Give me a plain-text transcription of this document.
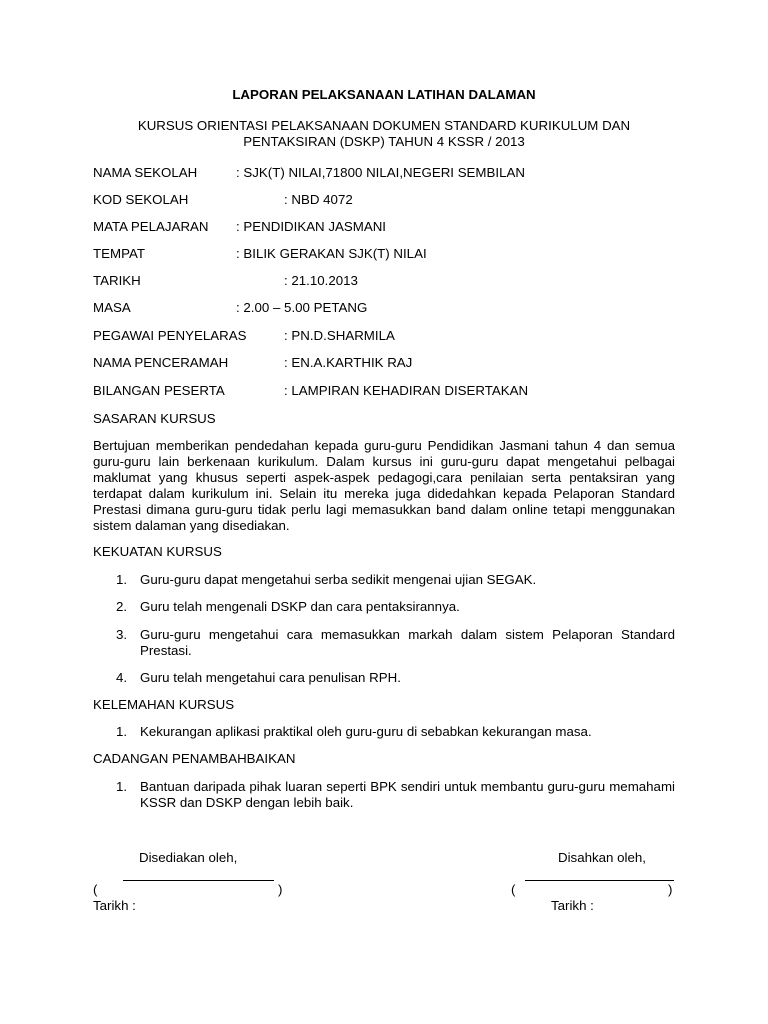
LAPORAN PELAKSANAAN LATIHAN DALAMAN
KURSUS ORIENTASI PELAKSANAAN DOKUMEN STANDARD KURIKULUM DAN
PENTAKSIRAN (DSKP) TAHUN 4 KSSR / 2013
NAMA SEKOLAH	: SJK(T) NILAI,71800 NILAI,NEGERI SEMBILAN
KOD SEKOLAH	: NBD 4072
MATA PELAJARAN : PENDIDIKAN JASMANI
TEMPAT	: BILIK GERAKAN SJK(T) NILAI
TARIKH	: 21.10.2013
MASA	: 2.00 – 5.00 PETANG
PEGAWAI PENYELARAS	: PN.D.SHARMILA
NAMA PENCERAMAH	: EN.A.KARTHIK RAJ
BILANGAN PESERTA	: LAMPIRAN KEHADIRAN DISERTAKAN
SASARAN KURSUS
Bertujuan memberikan pendedahan kepada guru-guru Pendidikan Jasmani tahun 4 dan semua guru-guru lain berkenaan kurikulum. Dalam kursus ini guru-guru dapat mengetahui pelbagai maklumat yang khusus seperti aspek-aspek pedagogi,cara penilaian serta pentaksiran yang terdapat dalam kurikulum ini. Selain itu mereka juga didedahkan kepada Pelaporan Standard Prestasi dimana guru-guru tidak perlu lagi memasukkan band dalam online tetapi menggunakan sistem dalaman yang disediakan.
KEKUATAN KURSUS
1. Guru-guru dapat mengetahui serba sedikit mengenai ujian SEGAK.
2. Guru telah mengenali DSKP dan cara pentaksirannya.
3. Guru-guru mengetahui cara memasukkan markah dalam sistem Pelaporan Standard Prestasi.
4. Guru telah mengetahui cara penulisan RPH.
KELEMAHAN KURSUS
1. Kekurangan aplikasi praktikal oleh guru-guru di sebabkan kekurangan masa.
CADANGAN PENAMBAHBAIKAN
1. Bantuan daripada pihak luaran seperti BPK sendiri untuk membantu guru-guru memahami KSSR dan DSKP dengan lebih baik.
Disediakan oleh,	Disahkan oleh,
(	)	(	)
Tarikh :	Tarikh :
